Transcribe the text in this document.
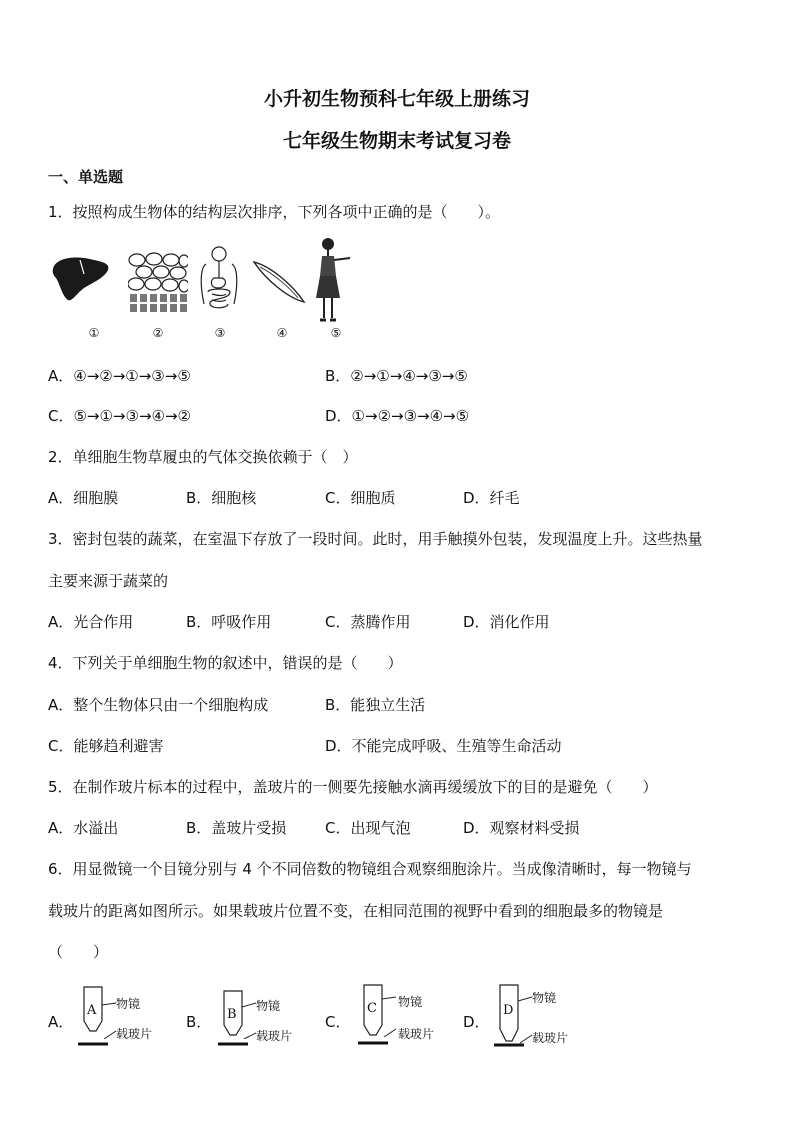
小升初生物预科七年级上册练习
七年级生物期末考试复习卷
一、单选题
1．按照构成生物体的结构层次排序，下列各项中正确的是（　　）。
①	②	③	④	⑤
A．④→②→①→③→⑤	B．②→①→④→③→⑤
C．⑤→①→③→④→②	D．①→②→③→④→⑤
2．单细胞生物草履虫的气体交换依赖于（　）
A．细胞膜	B．细胞核	C．细胞质	D．纤毛
3．密封包装的蔬菜，在室温下存放了一段时间。此时，用手触摸外包装，发现温度上升。这些热量
主要来源于蔬菜的
A．光合作用	B．呼吸作用	C．蒸腾作用	D．消化作用
4．下列关于单细胞生物的叙述中，错误的是（　　）
A．整个生物体只由一个细胞构成	B．能独立生活
C．能够趋利避害	D．不能完成呼吸、生殖等生命活动
5．在制作玻片标本的过程中，盖玻片的一侧要先接触水滴再缓缓放下的目的是避免（　　）
A．水溢出	B．盖玻片受损	C．出现气泡	D．观察材料受损
6．用显微镜一个目镜分别与 4 个不同倍数的物镜组合观察细胞涂片。当成像清晰时，每一物镜与
载玻片的距离如图所示。如果载玻片位置不变，在相同范围的视野中看到的细胞最多的物镜是
（　　）
A．	B．	C．	D．
A 物镜
载玻片
B
物镜
载玻片
C 物镜
载玻片
D
物镜
载玻片
